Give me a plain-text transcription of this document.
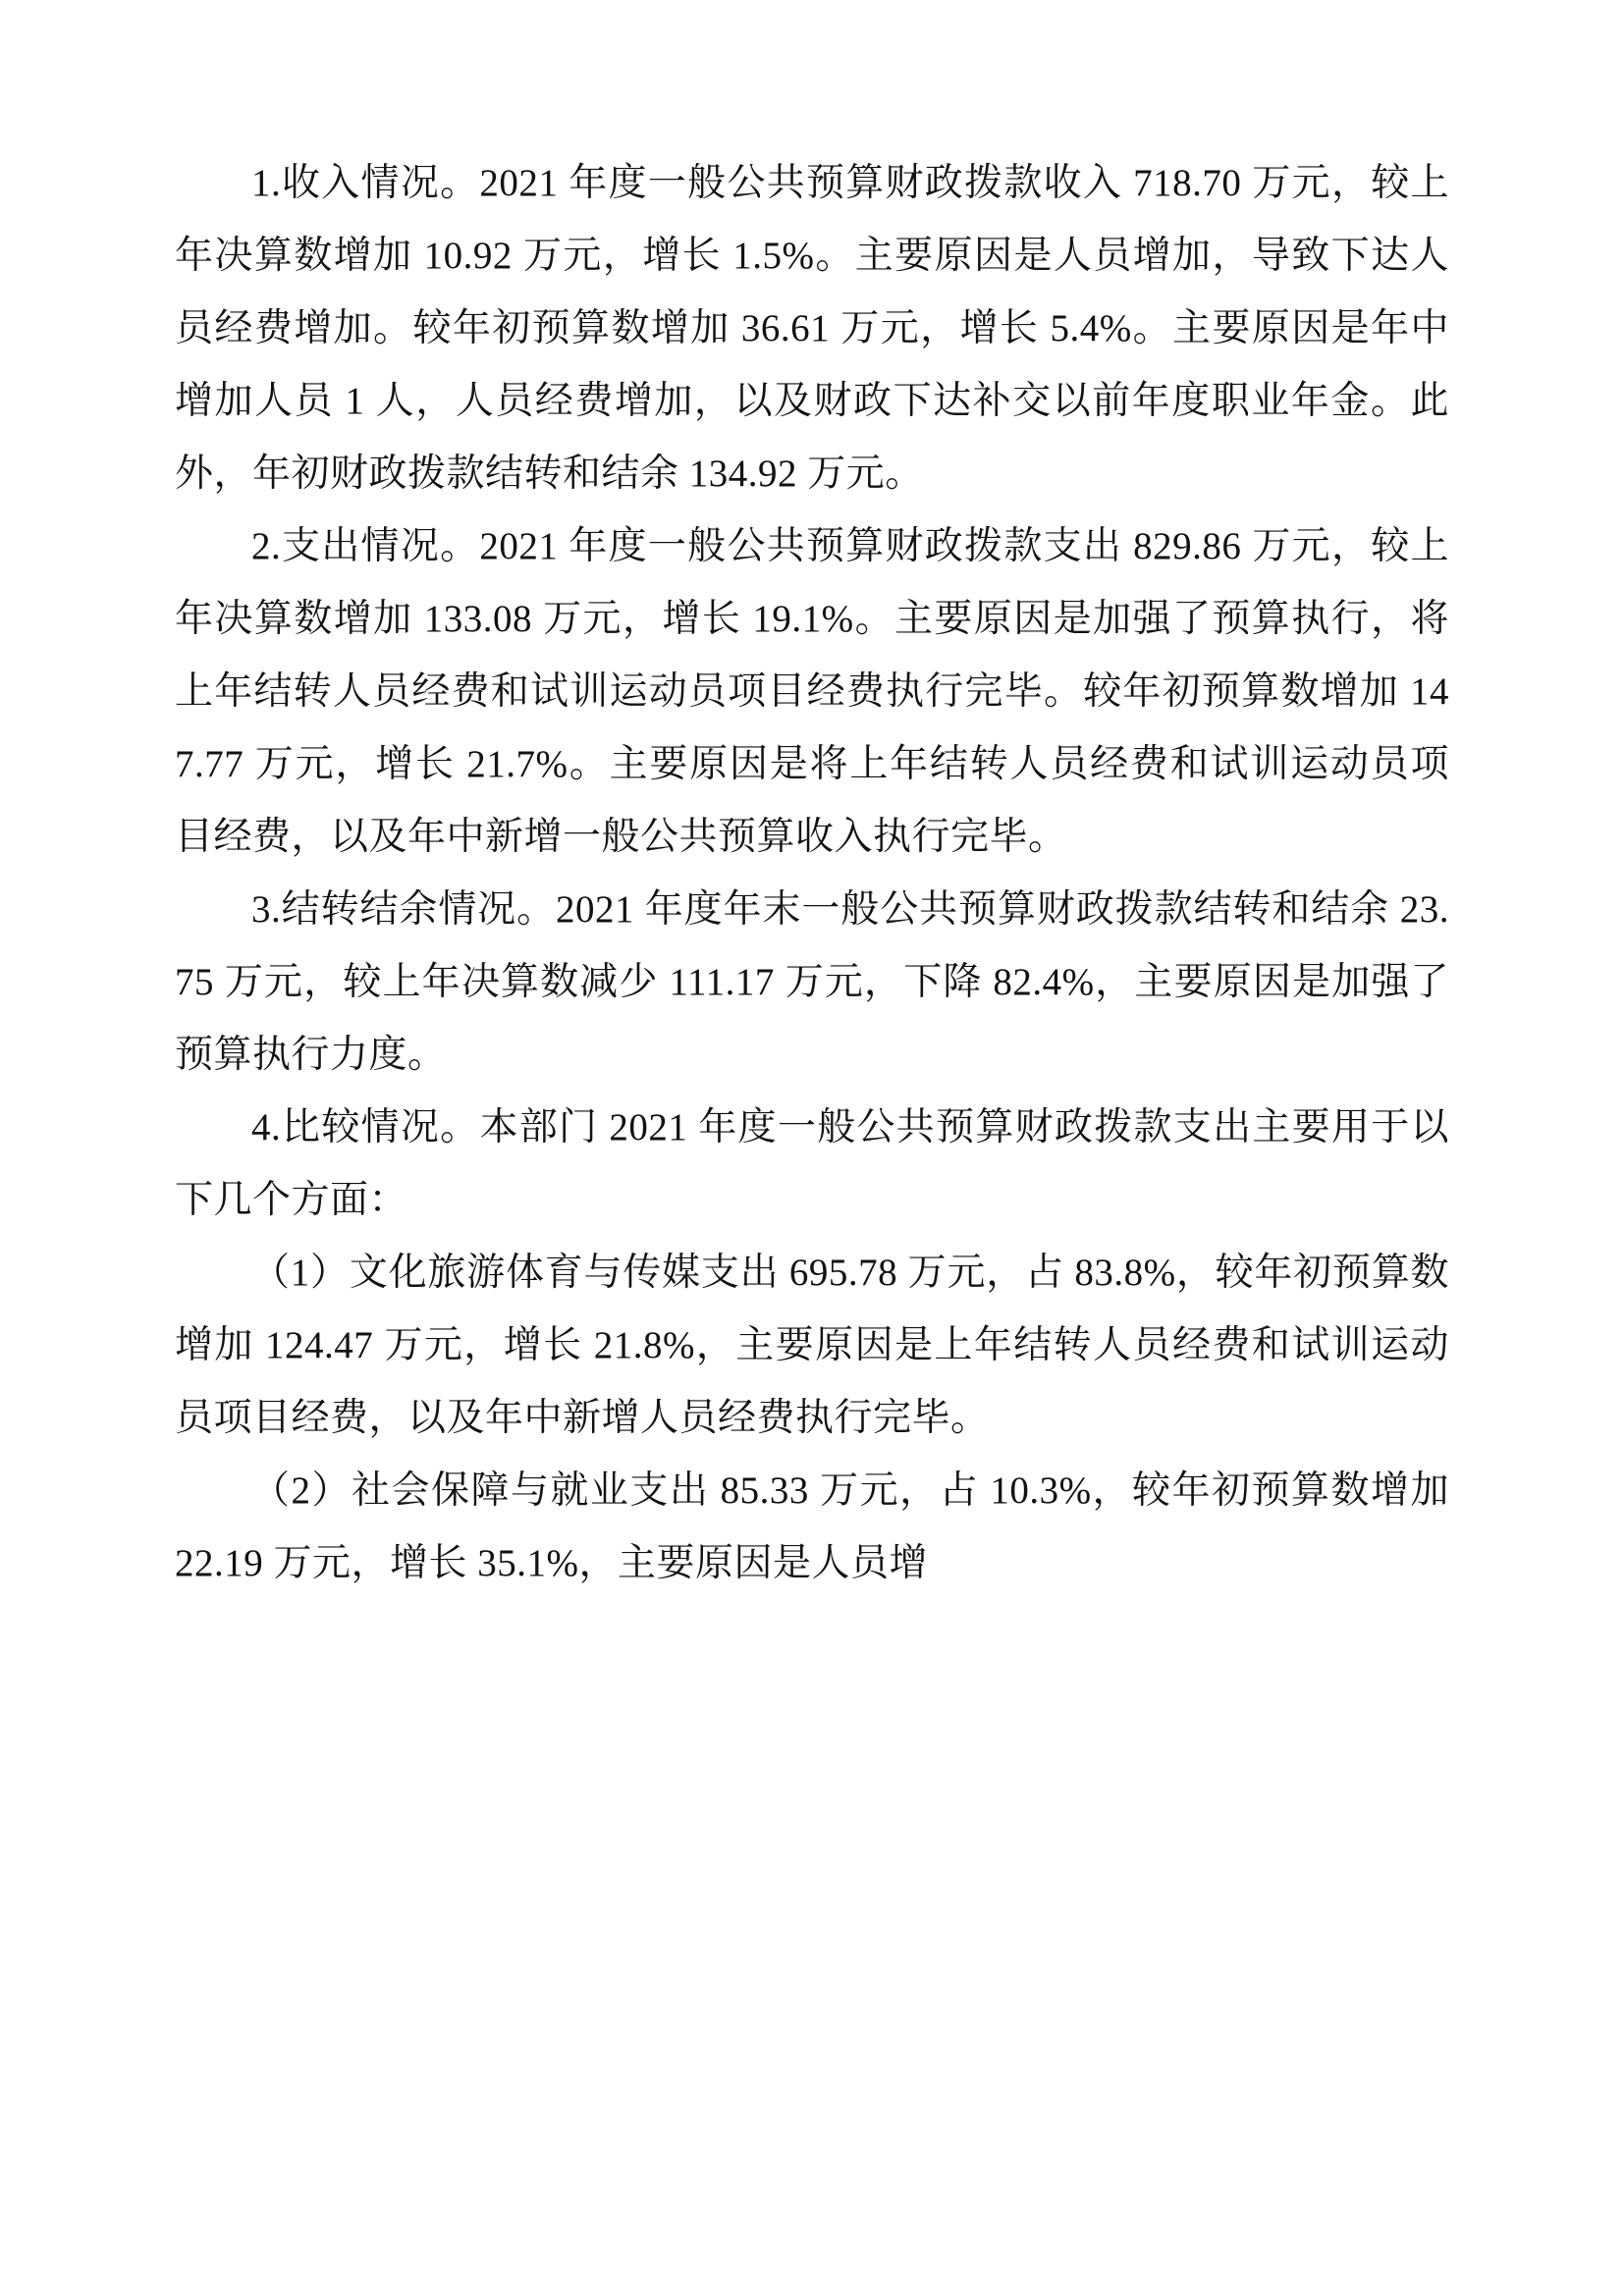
1.收入情况。2021 年度一般公共预算财政拨款收入 718.70 万元，较上年决算数增加 10.92 万元，增长 1.5%。主要原因是人员增加，导致下达人员经费增加。较年初预算数增加 36.61 万元，增长 5.4%。主要原因是年中增加人员 1 人，人员经费增加，以及财政下达补交以前年度职业年金。此外，年初财政拨款结转和结余 134.92 万元。

2.支出情况。2021 年度一般公共预算财政拨款支出 829.86 万元，较上年决算数增加 133.08 万元，增长 19.1%。主要原因是加强了预算执行，将上年结转人员经费和试训运动员项目经费执行完毕。较年初预算数增加 147.77 万元，增长 21.7%。主要原因是将上年结转人员经费和试训运动员项目经费，以及年中新增一般公共预算收入执行完毕。

3.结转结余情况。2021 年度年末一般公共预算财政拨款结转和结余 23.75 万元，较上年决算数减少 111.17 万元，下降 82.4%，主要原因是加强了预算执行力度。

4.比较情况。本部门 2021 年度一般公共预算财政拨款支出主要用于以下几个方面：

（1）文化旅游体育与传媒支出 695.78 万元，占 83.8%，较年初预算数增加 124.47 万元，增长 21.8%，主要原因是上年结转人员经费和试训运动员项目经费，以及年中新增人员经费执行完毕。

（2）社会保障与就业支出 85.33 万元，占 10.3%，较年初预算数增加 22.19 万元，增长 35.1%，主要原因是人员增
